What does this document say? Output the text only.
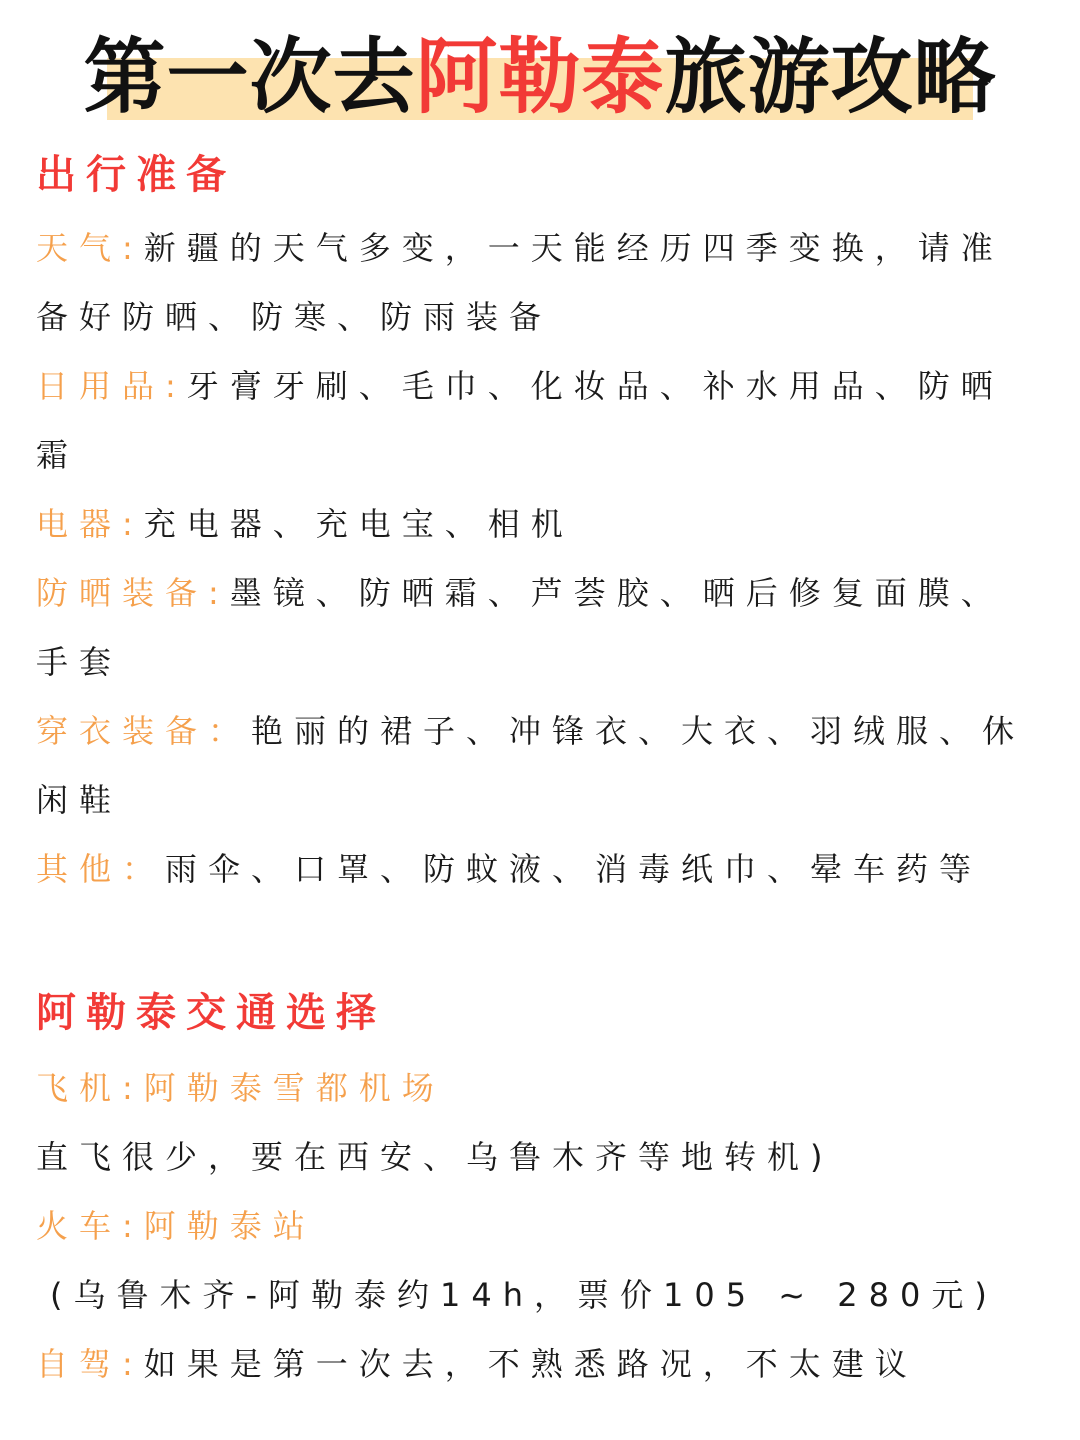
第一次去阿勒泰旅游攻略
出行准备
天气:新疆的天气多变，一天能经历四季变换，请准备好防晒、防寒、防雨装备
日用品:牙膏牙刷、毛巾、化妆品、补水用品、防晒霜
电器:充电器、充电宝、相机
防晒装备:墨镜、防晒霜、芦荟胶、晒后修复面膜、手套
穿衣装备：艳丽的裙子、冲锋衣、大衣、羽绒服、休闲鞋
其他：雨伞、口罩、防蚊液、消毒纸巾、晕车药等
阿勒泰交通选择
飞机:阿勒泰雪都机场
直飞很少，要在西安、乌鲁木齐等地转机)
火车:阿勒泰站
(乌鲁木齐-阿勒泰约14h，票价105 ~ 280元)
自驾:如果是第一次去，不熟悉路况，不太建议
